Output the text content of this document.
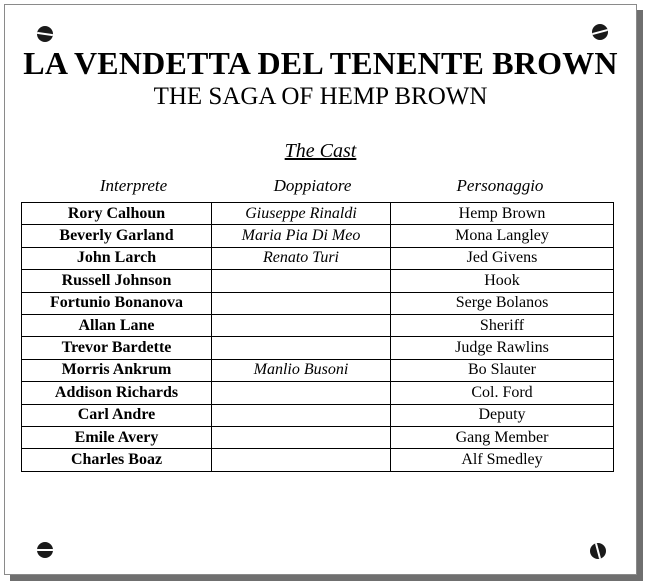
LA VENDETTA DEL TENENTE BROWN
THE SAGA OF HEMP BROWN
The Cast
Interprete	Doppiatore	Personaggio
Rory Calhoun	Giuseppe Rinaldi	Hemp Brown
Beverly Garland	Maria Pia Di Meo	Mona Langley
John Larch	Renato Turi	Jed Givens
Russell Johnson		Hook
Fortunio Bonanova		Serge Bolanos
Allan Lane		Sheriff
Trevor Bardette		Judge Rawlins
Morris Ankrum	Manlio Busoni	Bo Slauter
Addison Richards		Col. Ford
Carl Andre		Deputy
Emile Avery		Gang Member
Charles Boaz		Alf Smedley
